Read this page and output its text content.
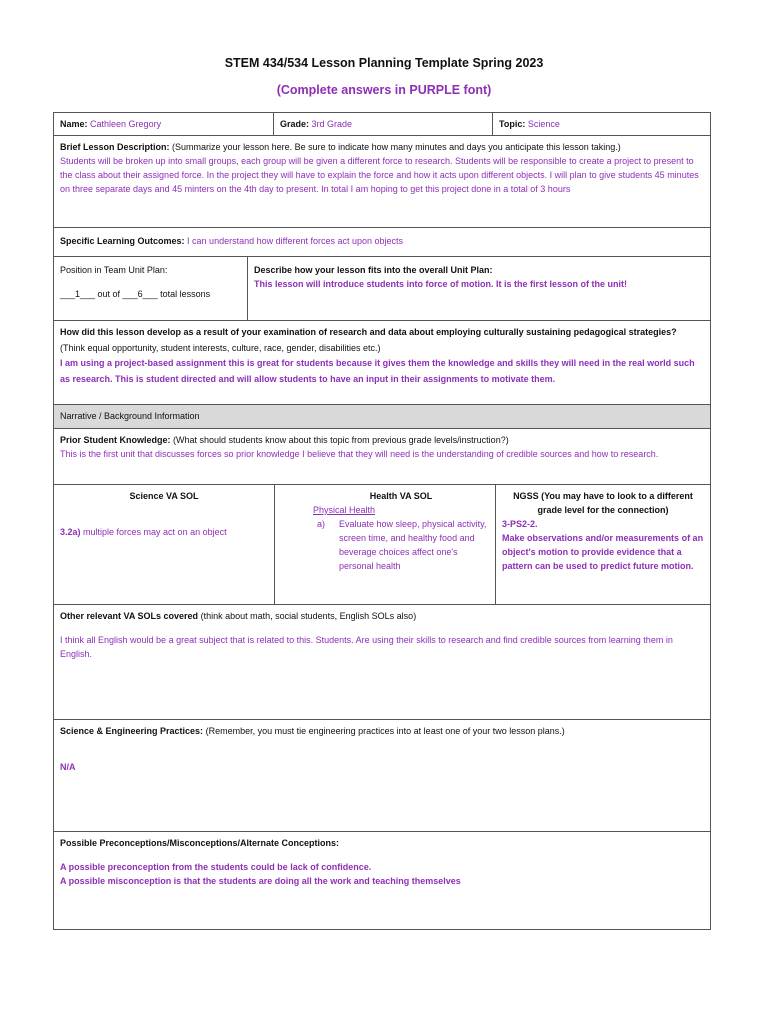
STEM 434/534 Lesson Planning Template Spring 2023
(Complete answers in PURPLE font)
Name: Cathleen Gregory	Grade: 3rd Grade	Topic: Science
Brief Lesson Description: (Summarize your lesson here. Be sure to indicate how many minutes and days you anticipate this lesson taking.)
Students will be broken up into small groups, each group will be given a different force to research. Students will be responsible to create a project to present to the class about their assigned force. In the project they will have to explain the force and how it acts upon different objects. I will plan to give students 45 minutes on three separate days and 45 minters on the 4th day to present. In total I am hoping to get this project done in a total of 3 hours
Specific Learning Outcomes: I can understand how different forces act upon objects
Position in Team Unit Plan:
___1___ out of ___6___ total lessons
Describe how your lesson fits into the overall Unit Plan:
This lesson will introduce students into force of motion. It is the first lesson of the unit!
How did this lesson develop as a result of your examination of research and data about employing culturally sustaining pedagogical strategies? (Think equal opportunity, student interests, culture, race, gender, disabilities etc.)
I am using a project-based assignment this is great for students because it gives them the knowledge and skills they will need in the real world such as research. This is student directed and will allow students to have an input in their assignments to motivate them.
Narrative / Background Information
Prior Student Knowledge: (What should students know about this topic from previous grade levels/instruction?)
This is the first unit that discusses forces so prior knowledge I believe that they will need is the understanding of credible sources and how to research.
Science VA SOL
3.2a) multiple forces may act on an object
Health VA SOL
Physical Health
a)	Evaluate how sleep, physical activity, screen time, and healthy food and beverage choices affect one's personal health
NGSS (You may have to look to a different grade level for the connection)
3-PS2-2.
Make observations and/or measurements of an object's motion to provide evidence that a pattern can be used to predict future motion.
Other relevant VA SOLs covered (think about math, social students, English SOLs also)
I think all English would be a great subject that is related to this. Students. Are using their skills to research and find credible sources from learning them in English.
Science & Engineering Practices: (Remember, you must tie engineering practices into at least one of your two lesson plans.)
N/A
Possible Preconceptions/Misconceptions/Alternate Conceptions:
A possible preconception from the students could be lack of confidence.
A possible misconception is that the students are doing all the work and teaching themselves
